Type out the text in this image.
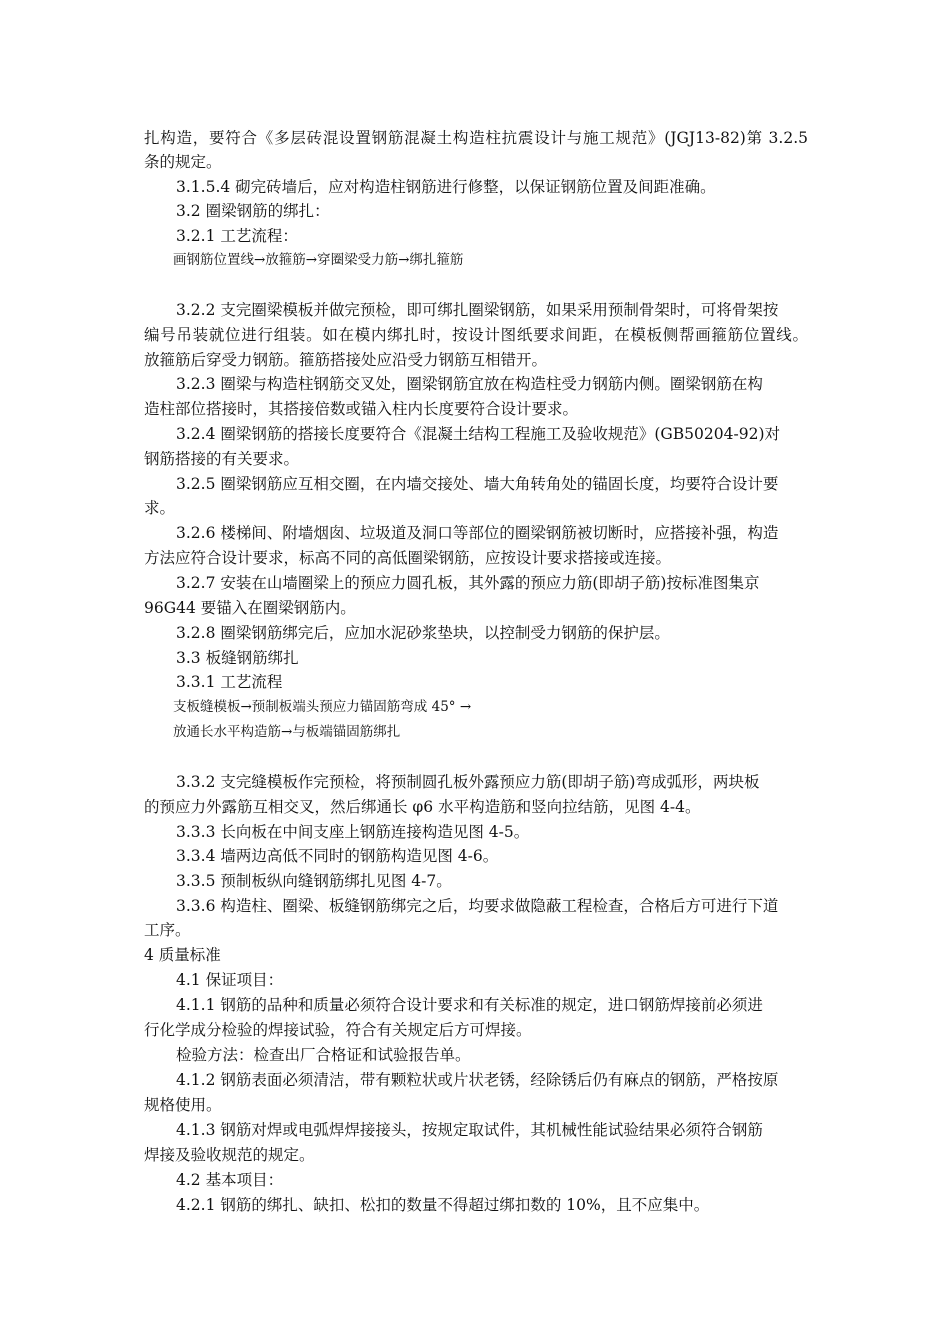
扎构造，要符合《多层砖混设置钢筋混凝土构造柱抗震设计与施工规范》(JGJ13-82)第 3.2.5
条的规定。
3.1.5.4 砌完砖墙后，应对构造柱钢筋进行修整，以保证钢筋位置及间距准确。
3.2 圈梁钢筋的绑扎：
3.2.1 工艺流程：
画钢筋位置线→放箍筋→穿圈梁受力筋→绑扎箍筋
3.2.2 支完圈梁模板并做完预检，即可绑扎圈梁钢筋，如果采用预制骨架时，可将骨架按
编号吊装就位进行组装。如在模内绑扎时，按设计图纸要求间距，在模板侧帮画箍筋位置线。
放箍筋后穿受力钢筋。箍筋搭接处应沿受力钢筋互相错开。
3.2.3 圈梁与构造柱钢筋交叉处，圈梁钢筋宜放在构造柱受力钢筋内侧。圈梁钢筋在构
造柱部位搭接时，其搭接倍数或锚入柱内长度要符合设计要求。
3.2.4 圈梁钢筋的搭接长度要符合《混凝土结构工程施工及验收规范》(GB50204-92)对
钢筋搭接的有关要求。
3.2.5 圈梁钢筋应互相交圈，在内墙交接处、墙大角转角处的锚固长度，均要符合设计要
求。
3.2.6 楼梯间、附墙烟囱、垃圾道及洞口等部位的圈梁钢筋被切断时，应搭接补强，构造
方法应符合设计要求，标高不同的高低圈梁钢筋，应按设计要求搭接或连接。
3.2.7 安装在山墙圈梁上的预应力圆孔板，其外露的预应力筋(即胡子筋)按标准图集京
96G44 要锚入在圈梁钢筋内。
3.2.8 圈梁钢筋绑完后，应加水泥砂浆垫块，以控制受力钢筋的保护层。
3.3 板缝钢筋绑扎
3.3.1 工艺流程
支板缝模板→预制板端头预应力锚固筋弯成 45° →
放通长水平构造筋→与板端锚固筋绑扎
3.3.2 支完缝模板作完预检，将预制圆孔板外露预应力筋(即胡子筋)弯成弧形，两块板
的预应力外露筋互相交叉，然后绑通长 φ6 水平构造筋和竖向拉结筋，见图 4-4。
3.3.3 长向板在中间支座上钢筋连接构造见图 4-5。
3.3.4 墙两边高低不同时的钢筋构造见图 4-6。
3.3.5 预制板纵向缝钢筋绑扎见图 4-7。
3.3.6 构造柱、圈梁、板缝钢筋绑完之后，均要求做隐蔽工程检查，合格后方可进行下道
工序。
4 质量标准
4.1 保证项目：
4.1.1 钢筋的品种和质量必须符合设计要求和有关标准的规定，进口钢筋焊接前必须进
行化学成分检验的焊接试验，符合有关规定后方可焊接。
检验方法：检查出厂合格证和试验报告单。
4.1.2 钢筋表面必须清洁，带有颗粒状或片状老锈，经除锈后仍有麻点的钢筋，严格按原
规格使用。
4.1.3 钢筋对焊或电弧焊焊接接头，按规定取试件，其机械性能试验结果必须符合钢筋
焊接及验收规范的规定。
4.2 基本项目：
4.2.1 钢筋的绑扎、缺扣、松扣的数量不得超过绑扣数的 10%，且不应集中。
